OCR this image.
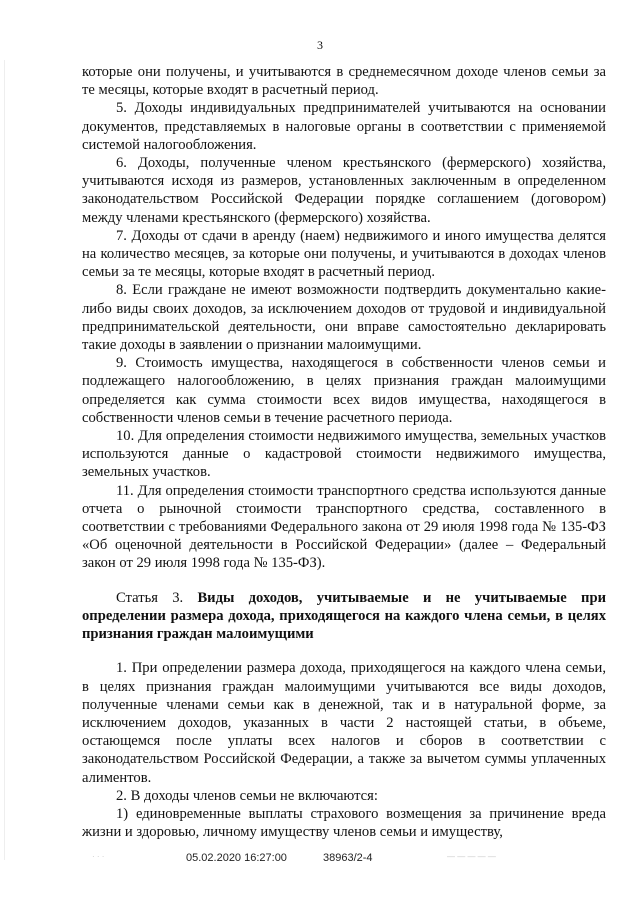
3

которые они получены, и учитываются в среднемесячном доходе членов семьи за те месяцы, которые входят в расчетный период.

5. Доходы индивидуальных предпринимателей учитываются на основании документов, представляемых в налоговые органы в соответствии с применяемой системой налогообложения.

6. Доходы, полученные членом крестьянского (фермерского) хозяйства, учитываются исходя из размеров, установленных заключенным в определенном законодательством Российской Федерации порядке соглашением (договором) между членами крестьянского (фермерского) хозяйства.

7. Доходы от сдачи в аренду (наем) недвижимого и иного имущества делятся на количество месяцев, за которые они получены, и учитываются в доходах членов семьи за те месяцы, которые входят в расчетный период.

8. Если граждане не имеют возможности подтвердить документально какие-либо виды своих доходов, за исключением доходов от трудовой и индивидуальной предпринимательской деятельности, они вправе самостоятельно декларировать такие доходы в заявлении о признании малоимущими.

9. Стоимость имущества, находящегося в собственности членов семьи и подлежащего налогообложению, в целях признания граждан малоимущими определяется как сумма стоимости всех видов имущества, находящегося в собственности членов семьи в течение расчетного периода.

10. Для определения стоимости недвижимого имущества, земельных участков используются данные о кадастровой стоимости недвижимого имущества, земельных участков.

11. Для определения стоимости транспортного средства используются данные отчета о рыночной стоимости транспортного средства, составленного в соответствии с требованиями Федерального закона от 29 июля 1998 года № 135-ФЗ «Об оценочной деятельности в Российской Федерации» (далее – Федеральный закон от 29 июля 1998 года № 135-ФЗ).

Статья 3. Виды доходов, учитываемые и не учитываемые при определении размера дохода, приходящегося на каждого члена семьи, в целях признания граждан малоимущими

1. При определении размера дохода, приходящегося на каждого члена семьи, в целях признания граждан малоимущими учитываются все виды доходов, полученные членами семьи как в денежной, так и в натуральной форме, за исключением доходов, указанных в части 2 настоящей статьи, в объеме, остающемся после уплаты всех налогов и сборов в соответствии с законодательством Российской Федерации, а также за вычетом суммы уплаченных алиментов.

2. В доходы членов семьи не включаются:

1) единовременные выплаты страхового возмещения за причинение вреда жизни и здоровью, личному имуществу членов семьи и имуществу,

· · ·	— — — — —
05.02.2020 16:27:00	38963/2-4
